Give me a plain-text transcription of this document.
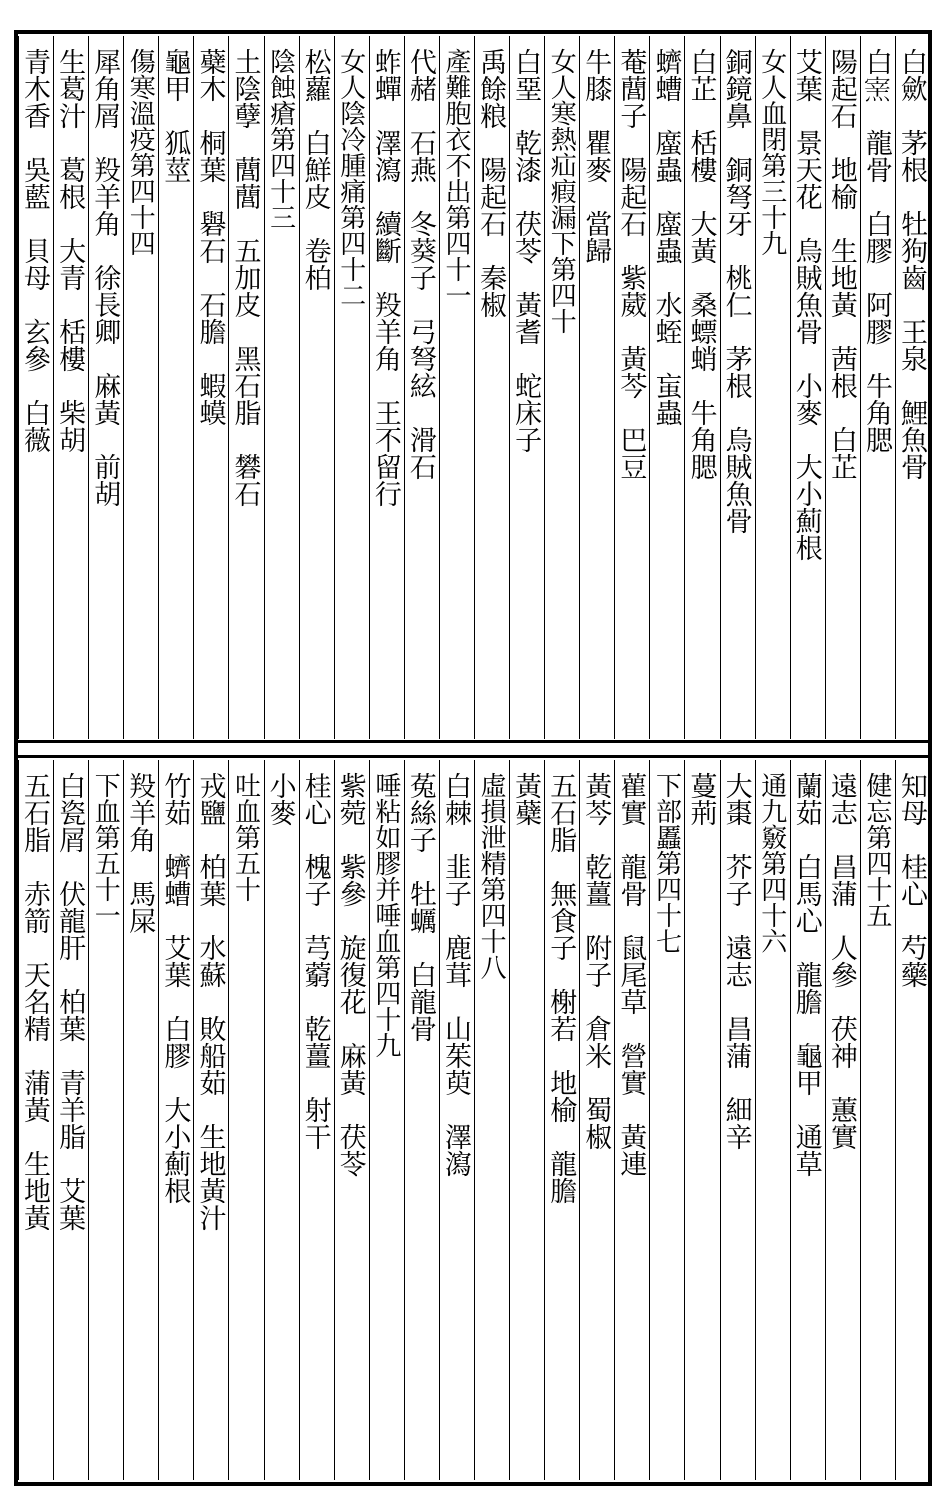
白歛　茅根　牡狗齒　王泉　鯉魚骨
白𤌊　龍骨　白膠　阿膠　牛角腮
陽起石　地榆　生地黃　茜根　白芷
艾葉　景天花　烏賊魚骨　小麥　大小薊根
女人血閉第三十九
銅鏡鼻　銅弩牙　桃仁　茅根　烏賊魚骨
白芷　栝樓　大黃　桑螵蛸　牛角腮
蠐螬　䗪蟲　䗪蟲　水蛭　䖟蟲
菴䕡子　陽起石　紫葳　黃芩　巴豆
牛膝　瞿麥　當歸
女人寒熱疝瘕漏下第四十
白堊　乾漆　茯苓　黃耆　蛇床子
禹餘粮　陽起石　秦椒
產難胞衣不出第四十一
代赭　石燕　冬葵子　弓弩絃　滑石
蚱蟬　澤瀉　續斷　羖羊角　王不留行
女人陰冷腫痛第四十二
松蘿　白鮮皮　卷柏
陰蝕瘡第四十三
土陰孽　䕡䕡　五加皮　黑石脂　礬石
蘗木　桐葉　礜石　石膽　蝦蟆
龜甲　狐莖
傷寒溫疫第四十四
犀角屑　羖羊角　徐長卿　麻黃　前胡
生葛汁　葛根　大青　栝樓　柴胡
青木香　吳藍　貝母　玄參　白薇
知母　桂心　芍藥
健忘第四十五
遠志　昌蒲　人參　茯神　蕙實
蘭茹　白馬心　龍膽　龜甲　通草
通九竅第四十六
大棗　芥子　遠志　昌蒲　細辛
蔓荊
下部䘌第四十七
雚實　龍骨　鼠尾草　營實　黃連
黃芩　乾薑　附子　倉米　蜀椒
五石脂　無食子　榭若　地榆　龍膽
黃蘗
虛損泄精第四十八
白棘　韭子　鹿茸　山茱萸　澤瀉
菟絲子　牡蠣　白龍骨
唾粘如膠并唾血第四十九
紫菀　紫參　旋復花　麻黃　茯苓
桂心　槐子　芎藭　乾薑　射干
小麥
吐血第五十
戎鹽　柏葉　水蘇　敗船茹　生地黃汁
竹茹　蠐螬　艾葉　白膠　大小薊根
羖羊角　馬屎
下血第五十一
白瓷屑　伏龍肝　柏葉　青羊脂　艾葉
五石脂　赤箭　天名精　蒲黃　生地黃
